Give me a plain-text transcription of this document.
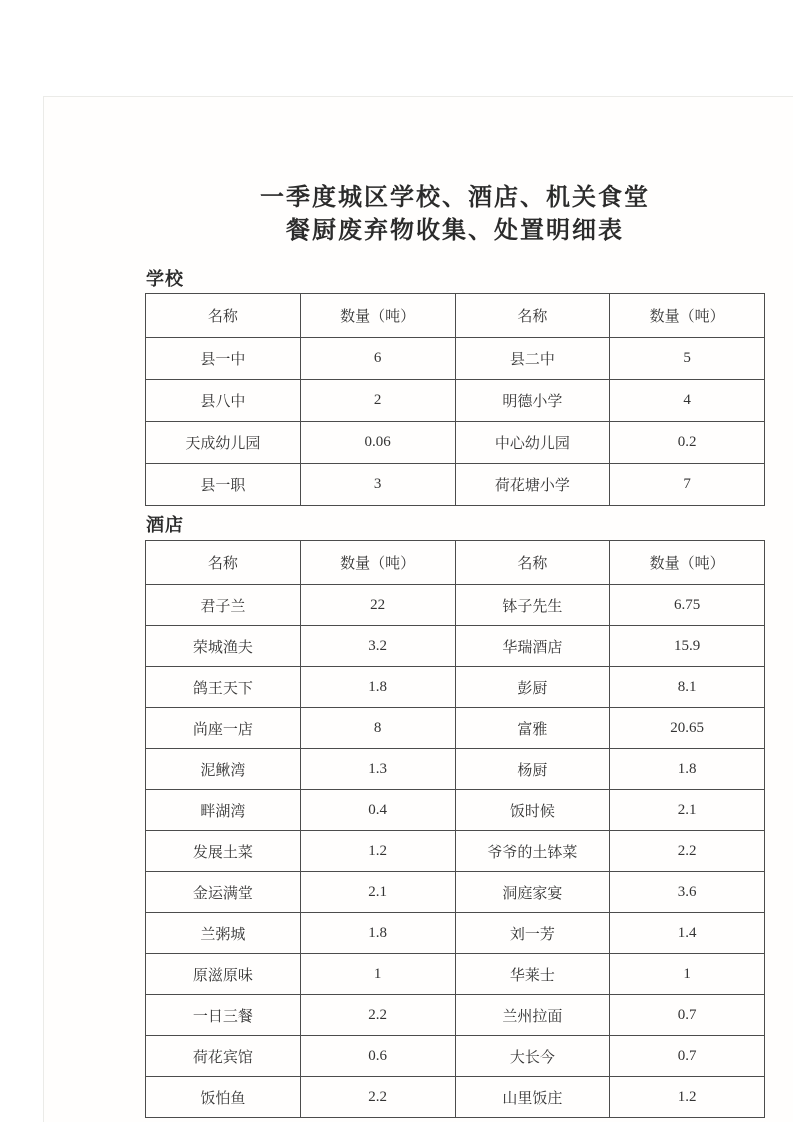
一季度城区学校、酒店、机关食堂
餐厨废弃物收集、处置明细表
学校
名称	数量（吨）	名称	数量（吨）
县一中	6	县二中	5
县八中	2	明德小学	4
天成幼儿园	0.06	中心幼儿园	0.2
县一职	3	荷花塘小学	7
酒店
名称	数量（吨）	名称	数量（吨）
君子兰	22	钵子先生	6.75
荣城渔夫	3.2	华瑞酒店	15.9
鸽王天下	1.8	彭厨	8.1
尚座一店	8	富雅	20.65
泥鳅湾	1.3	杨厨	1.8
畔湖湾	0.4	饭时候	2.1
发展土菜	1.2	爷爷的土钵菜	2.2
金运满堂	2.1	洞庭家宴	3.6
兰粥城	1.8	刘一芳	1.4
原滋原味	1	华莱士	1
一日三餐	2.2	兰州拉面	0.7
荷花宾馆	0.6	大长今	0.7
饭怕鱼	2.2	山里饭庄	1.2
